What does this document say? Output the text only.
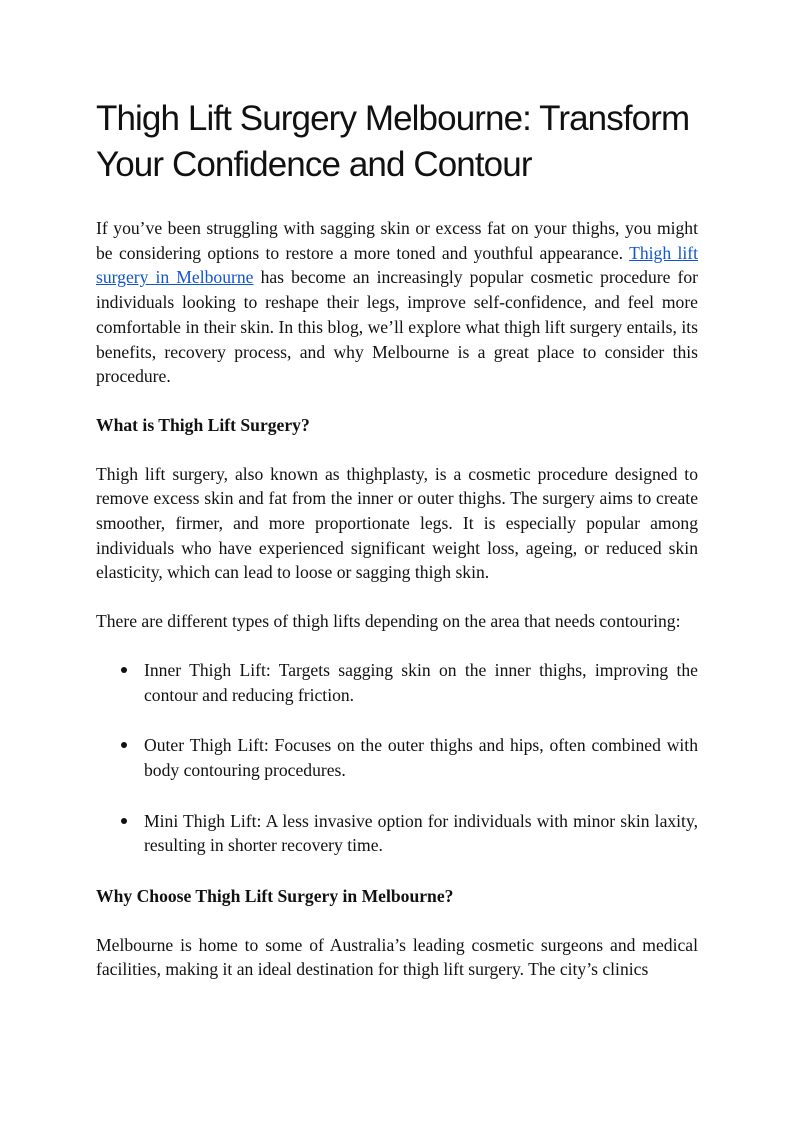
Thigh Lift Surgery Melbourne: Transform Your Confidence and Contour

If you’ve been struggling with sagging skin or excess fat on your thighs, you might be considering options to restore a more toned and youthful appearance. Thigh lift surgery in Melbourne has become an increasingly popular cosmetic procedure for individuals looking to reshape their legs, improve self-confidence, and feel more comfortable in their skin. In this blog, we’ll explore what thigh lift surgery entails, its benefits, recovery process, and why Melbourne is a great place to consider this procedure.

What is Thigh Lift Surgery?

Thigh lift surgery, also known as thighplasty, is a cosmetic procedure designed to remove excess skin and fat from the inner or outer thighs. The surgery aims to create smoother, firmer, and more proportionate legs. It is especially popular among individuals who have experienced significant weight loss, ageing, or reduced skin elasticity, which can lead to loose or sagging thigh skin.

There are different types of thigh lifts depending on the area that needs contouring:

Inner Thigh Lift: Targets sagging skin on the inner thighs, improving the contour and reducing friction.
Outer Thigh Lift: Focuses on the outer thighs and hips, often combined with body contouring procedures.
Mini Thigh Lift: A less invasive option for individuals with minor skin laxity, resulting in shorter recovery time.
Why Choose Thigh Lift Surgery in Melbourne?

Melbourne is home to some of Australia’s leading cosmetic surgeons and medical facilities, making it an ideal destination for thigh lift surgery. The city’s clinics
